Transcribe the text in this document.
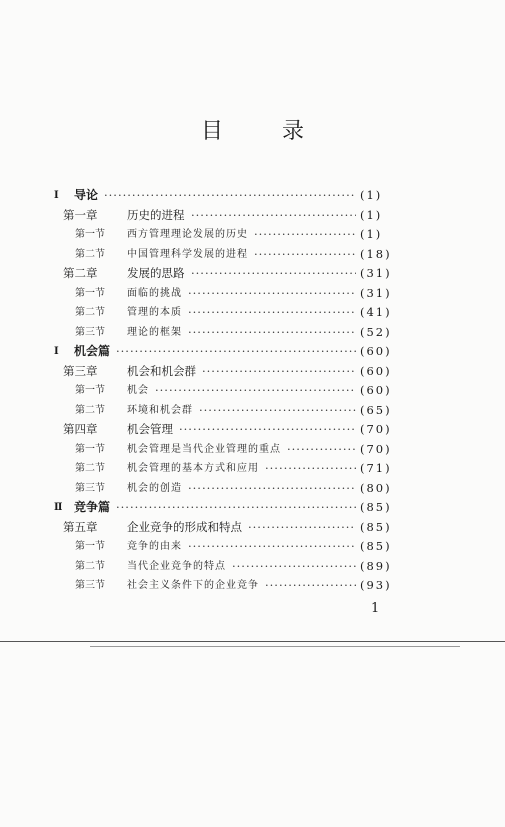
目 录
I 导论 ·····	(1)
第一章	历史的进程 ·····	(1)
第一节 西方管理理论发展的历史 ·····	(1)
第二节 中国管理科学发展的进程 ·····	(18)
第二章	发展的思路 ·····	(31)
第一节 面临的挑战 ·····	(31)
第二节 管理的本质 ·····	(41)
第三节 理论的框架 ·····	(52)
Ⅰ 机会篇 ·····	(60)
第三章	机会和机会群 ·····	(60)
第一节 机会 ·····	(60)
第二节 环境和机会群 ·····	(65)
第四章	机会管理 ·····	(70)
第一节 机会管理是当代企业管理的重点 ·····	(70)
第二节 机会管理的基本方式和应用 ·····	(71)
第三节 机会的创造 ·····	(80)
Ⅱ 竞争篇 ·····	(85)
第五章	企业竞争的形成和特点 ·····	(85)
第一节 竞争的由来 ·····	(85)
第二节 当代企业竞争的特点 ·····	(89)
第三节 社会主义条件下的企业竞争 ·····	(93)
1
